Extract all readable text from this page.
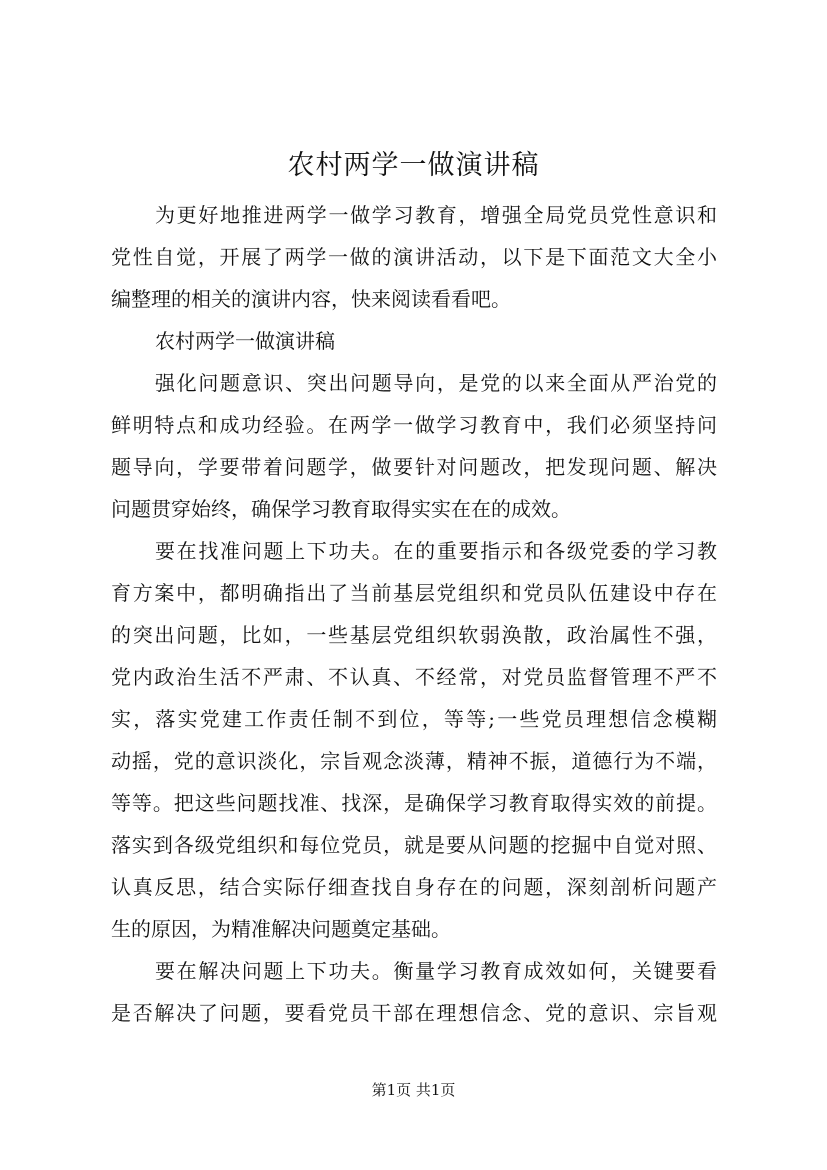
农村两学一做演讲稿
为更好地推进两学一做学习教育，增强全局党员党性意识和
党性自觉，开展了两学一做的演讲活动，以下是下面范文大全小
编整理的相关的演讲内容，快来阅读看看吧。
农村两学一做演讲稿
强化问题意识、突出问题导向，是党的以来全面从严治党的
鲜明特点和成功经验。在两学一做学习教育中，我们必须坚持问
题导向，学要带着问题学，做要针对问题改，把发现问题、解决
问题贯穿始终，确保学习教育取得实实在在的成效。
要在找准问题上下功夫。在的重要指示和各级党委的学习教
育方案中，都明确指出了当前基层党组织和党员队伍建设中存在
的突出问题，比如，一些基层党组织软弱涣散，政治属性不强，
党内政治生活不严肃、不认真、不经常，对党员监督管理不严不
实，落实党建工作责任制不到位，等等;一些党员理想信念模糊
动摇，党的意识淡化，宗旨观念淡薄，精神不振，道德行为不端，
等等。把这些问题找准、找深，是确保学习教育取得实效的前提。
落实到各级党组织和每位党员，就是要从问题的挖掘中自觉对照、
认真反思，结合实际仔细查找自身存在的问题，深刻剖析问题产
生的原因，为精准解决问题奠定基础。
要在解决问题上下功夫。衡量学习教育成效如何，关键要看
是否解决了问题，要看党员干部在理想信念、党的意识、宗旨观
第1页 共1页
